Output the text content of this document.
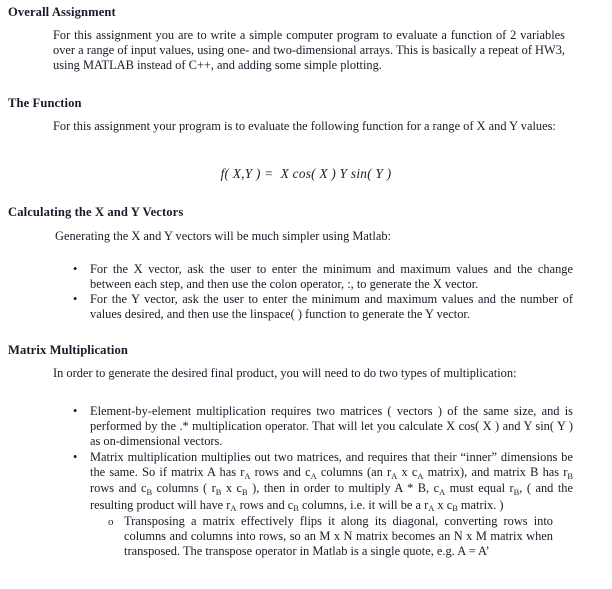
Overall Assignment
For this assignment you are to write a simple computer program to evaluate a function of 2 variables over a range of input values, using one- and two-dimensional arrays. This is basically a repeat of HW3, using MATLAB instead of C++, and adding some simple plotting.
The Function
For this assignment your program is to evaluate the following function for a range of X and Y values:
f( X,Y ) = X cos( X ) Y sin( Y )
Calculating the X and Y Vectors
Generating the X and Y vectors will be much simpler using Matlab:
•
For the X vector, ask the user to enter the minimum and maximum values and the change between each step, and then use the colon operator, :, to generate the X vector.
•
For the Y vector, ask the user to enter the minimum and maximum values and the number of values desired, and then use the linspace( ) function to generate the Y vector.
Matrix Multiplication
In order to generate the desired final product, you will need to do two types of multiplication:
•
Element-by-element multiplication requires two matrices ( vectors ) of the same size, and is performed by the .* multiplication operator. That will let you calculate X cos( X ) and Y sin( Y ) as on-dimensional vectors.
•
Matrix multiplication multiplies out two matrices, and requires that their “inner” dimensions be the same. So if matrix A has $r_A$ rows and $c_A$ columns (an $r_A$ x $c_A$ matrix), and matrix B has $r_B$ rows and $c_B$ columns ( $r_B$ x $c_B$ ), then in order to multiply A * B, $c_A$ must equal $r_B$, ( and the resulting product will have $r_A$ rows and $c_B$ columns, i.e. it will be a $r_A$ x $c_B$ matrix. )
o
Transposing a matrix effectively flips it along its diagonal, converting rows into columns and columns into rows, so an M x N matrix becomes an N x M matrix when transposed. The transpose operator in Matlab is a single quote, e.g. A = A’
